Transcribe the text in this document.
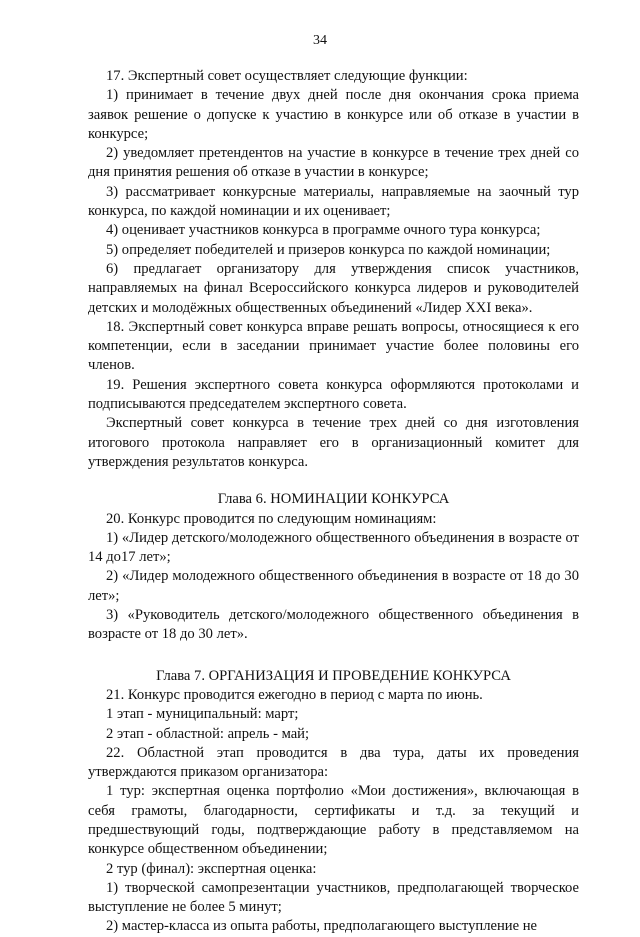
34

17. Экспертный совет осуществляет следующие функции:

1) принимает в течение двух дней после дня окончания срока приема заявок решение о допуске к участию в конкурсе или об отказе в участии в конкурсе;

2) уведомляет претендентов на участие в конкурсе в течение трех дней со дня принятия решения об отказе в участии в конкурсе;

3) рассматривает конкурсные материалы, направляемые на заочный тур конкурса, по каждой номинации и их оценивает;

4) оценивает участников конкурса в программе очного тура конкурса;

5) определяет победителей и призеров конкурса по каждой номинации;

6) предлагает организатору для утверждения список участников, направляемых на финал Всероссийского конкурса лидеров и руководителей детских и молодёжных общественных объединений «Лидер XXI века».

18. Экспертный совет конкурса вправе решать вопросы, относящиеся к его компетенции, если в заседании принимает участие более половины его членов.

19. Решения экспертного совета конкурса оформляются протоколами и подписываются председателем экспертного совета.

Экспертный совет конкурса в течение трех дней со дня изготовления итогового протокола направляет его в организационный комитет для утверждения результатов конкурса.

Глава 6. НОМИНАЦИИ КОНКУРСА

20. Конкурс проводится по следующим номинациям:

1) «Лидер детского/молодежного общественного объединения в возрасте от 14 до17 лет»;

2) «Лидер молодежного общественного объединения в возрасте от 18 до 30 лет»;

3) «Руководитель детского/молодежного общественного объединения в возрасте от 18 до 30 лет».

Глава 7. ОРГАНИЗАЦИЯ И ПРОВЕДЕНИЕ КОНКУРСА

21. Конкурс проводится ежегодно в период с марта по июнь.

1 этап - муниципальный: март;

2 этап - областной: апрель - май;

22. Областной этап проводится в два тура, даты их проведения утверждаются приказом организатора:

1 тур: экспертная оценка портфолио «Мои достижения», включающая в себя грамоты, благодарности, сертификаты и т.д. за текущий и предшествующий годы, подтверждающие работу в представляемом на конкурсе общественном объединении;

2 тур (финал): экспертная оценка:

1) творческой самопрезентации участников, предполагающей творческое выступление не более 5 минут;

2) мастер-класса из опыта работы, предполагающего выступление не
